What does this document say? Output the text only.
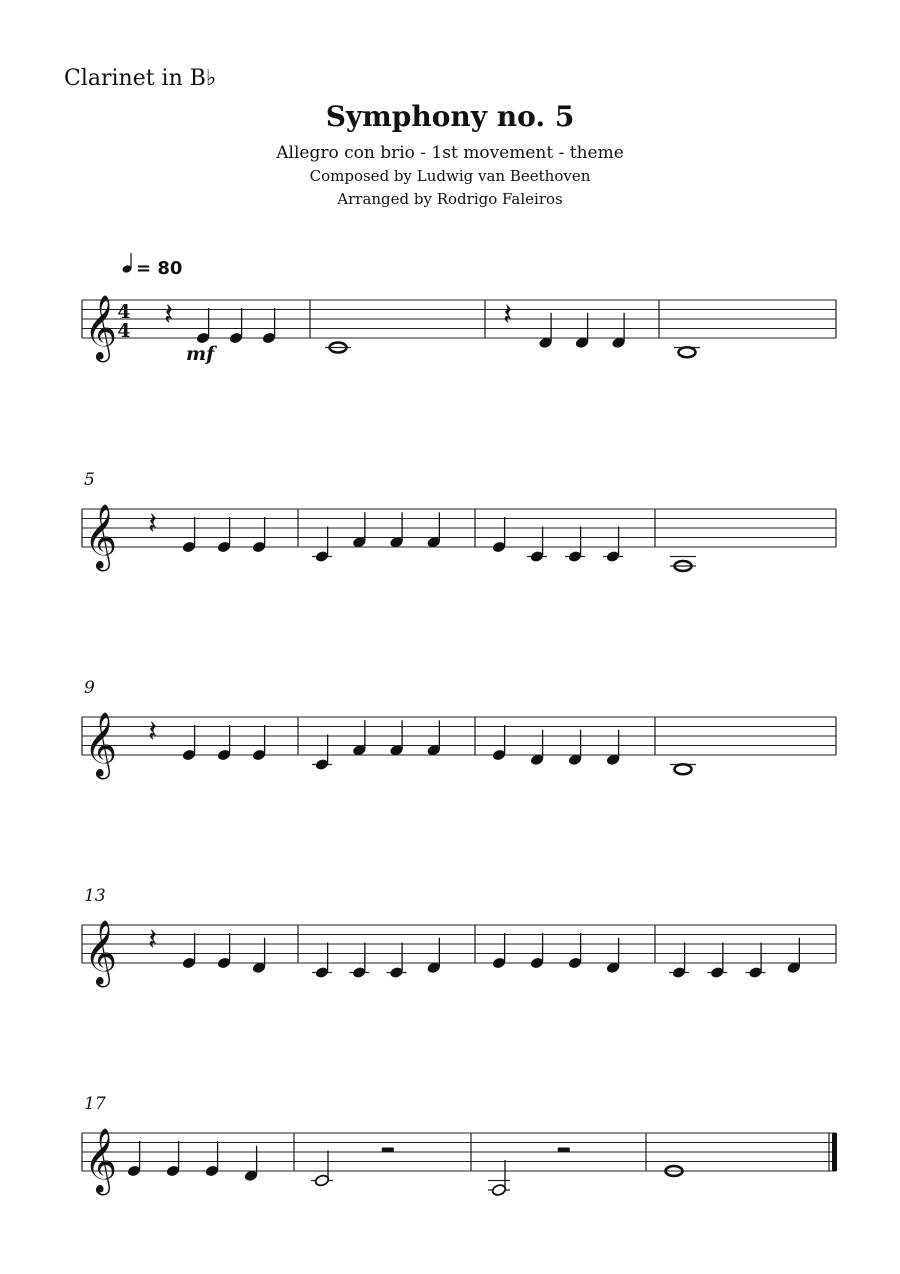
Clarinet in B♭
Symphony no. 5
Allegro con brio - 1st movement - theme
Composed by Ludwig van Beethoven
Arranged by Rodrigo Faleiros
𝄞 4
4
= 80
mf
𝄽	𝄽
𝄞
5
𝄽
𝄞
9
𝄽
𝄞
13
𝄽
𝄞
17
